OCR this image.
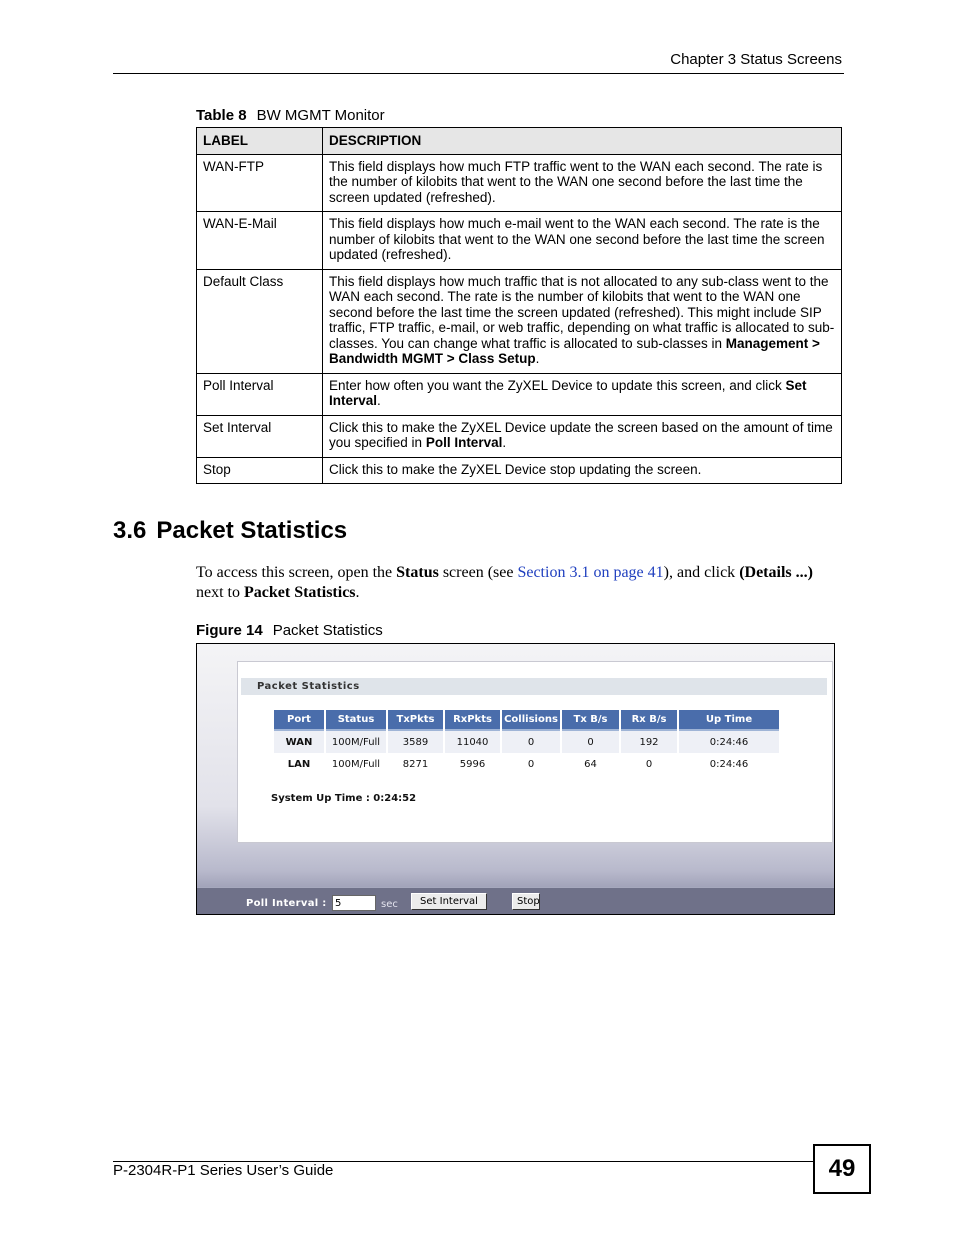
Chapter 3 Status Screens
Table 8 BW MGMT Monitor
LABEL	DESCRIPTION
WAN-FTP	This field displays how much FTP traffic went to the WAN each second. The rate is the number of kilobits that went to the WAN one second before the last time the screen updated (refreshed).
WAN-E-Mail	This field displays how much e-mail went to the WAN each second. The rate is the number of kilobits that went to the WAN one second before the last time the screen updated (refreshed).
Default Class	This field displays how much traffic that is not allocated to any sub-class went to the WAN each second. The rate is the number of kilobits that went to the WAN one second before the last time the screen updated (refreshed). This might include SIP traffic, FTP traffic, e-mail, or web traffic, depending on what traffic is allocated to sub-classes. You can change what traffic is allocated to sub-classes in Management > Bandwidth MGMT > Class Setup.
Poll Interval	Enter how often you want the ZyXEL Device to update this screen, and click Set Interval.
Set Interval	Click this to make the ZyXEL Device update the screen based on the amount of time you specified in Poll Interval.
Stop	Click this to make the ZyXEL Device stop updating the screen.
3.6 Packet Statistics
To access this screen, open the Status screen (see Section 3.1 on page 41), and click (Details ...) next to Packet Statistics.
Figure 14 Packet Statistics
Packet Statistics
Port	Status	TxPkts	RxPkts	Collisions	Tx B/s	Rx B/s	Up Time
WAN	100M/Full	3589	11040	0	0	192	0:24:46
LAN	100M/Full	8271	5996	0	64	0	0:24:46
System Up Time : 0:24:52
Poll Interval :
5	sec	Set Interval	Stop
P-2304R-P1 Series User’s Guide	49
